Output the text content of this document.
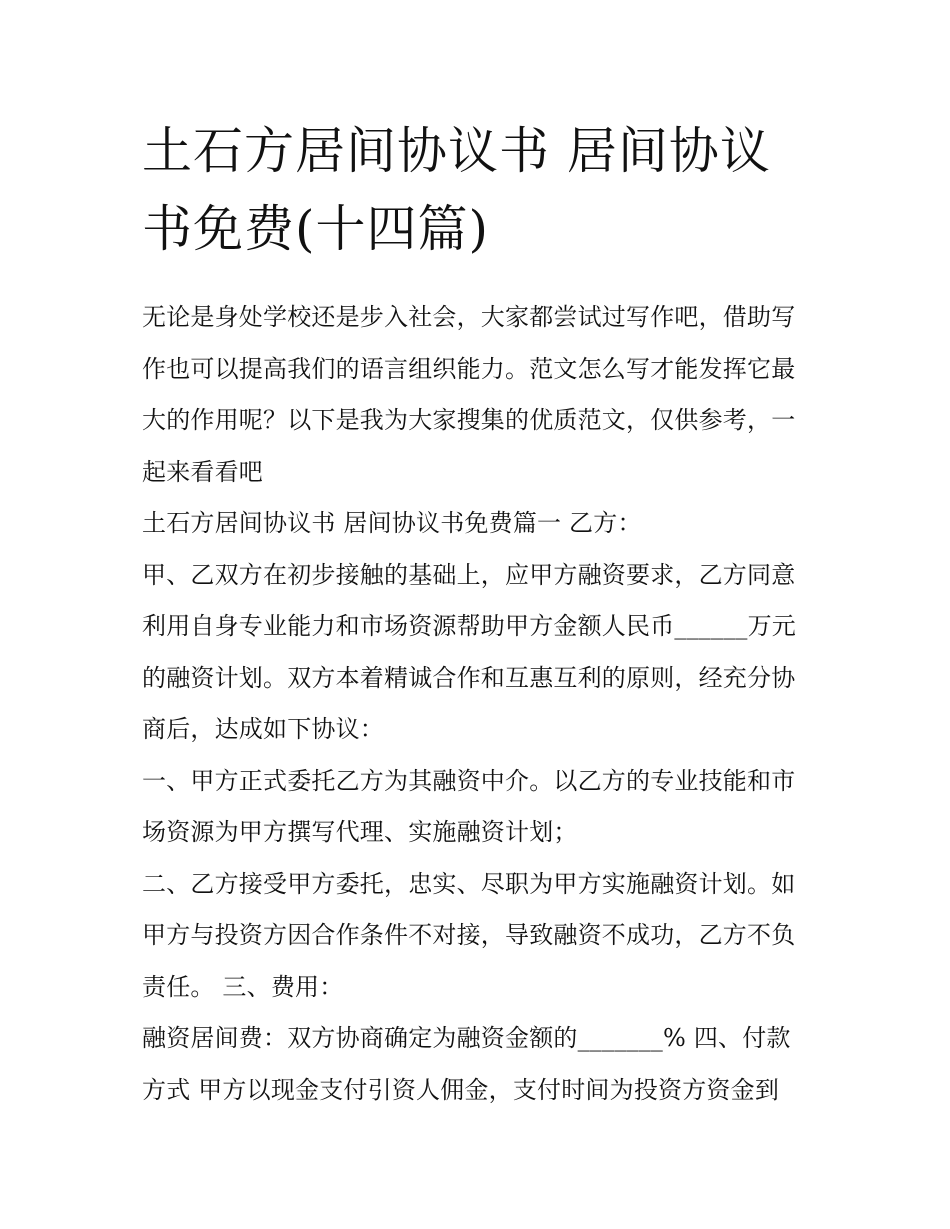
土石方居间协议书 居间协议书免费(十四篇)

无论是身处学校还是步入社会，大家都尝试过写作吧，借助写作也可以提高我们的语言组织能力。范文怎么写才能发挥它最大的作用呢？以下是我为大家搜集的优质范文，仅供参考，一起来看看吧

土石方居间协议书 居间协议书免费篇一 乙方：

甲、乙双方在初步接触的基础上，应甲方融资要求，乙方同意利用自身专业能力和市场资源帮助甲方金额人民币______万元的融资计划。双方本着精诚合作和互惠互利的原则，经充分协商后，达成如下协议：

一、甲方正式委托乙方为其融资中介。以乙方的专业技能和市场资源为甲方撰写代理、实施融资计划；

二、乙方接受甲方委托，忠实、尽职为甲方实施融资计划。如甲方与投资方因合作条件不对接，导致融资不成功，乙方不负责任。 三、费用：

融资居间费：双方协商确定为融资金额的_______% 四、付款方式 甲方以现金支付引资人佣金，支付时间为投资方资金到
